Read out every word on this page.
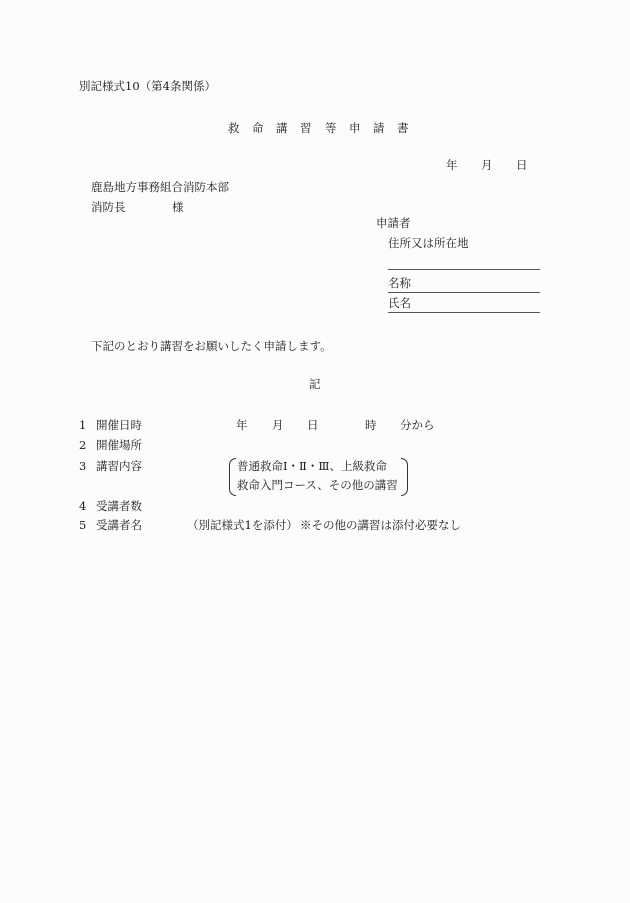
別記様式10（第4条関係）
救 命 講 習 等 申 請 書
年 月 日
鹿島地方事務組合消防本部
消防長	様
申請者
住所又は所在地
名称
氏名
下記のとおり講習をお願いしたく申請します。
記
1 開催日時	年 月 日	時 分から
2 開催場所
3 講習内容	普通救命Ⅰ・Ⅱ・Ⅲ、上級救命
救命入門コース、その他の講習
4 受講者数
5 受講者名	（別記様式1を添付） ※その他の講習は添付必要なし
